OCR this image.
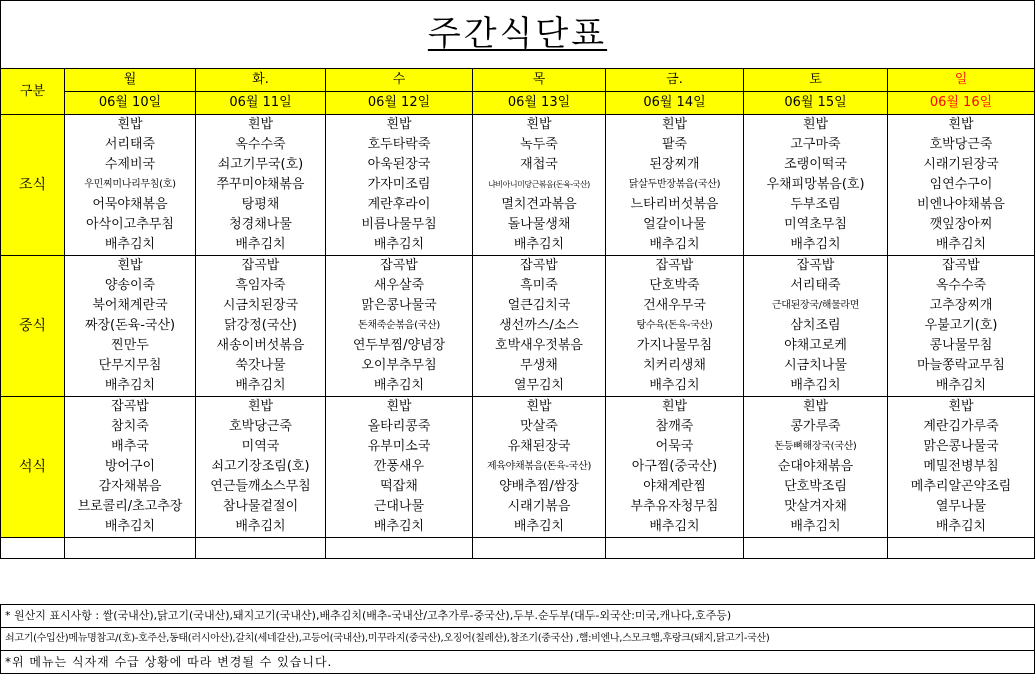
주간식단표
구분	월	화.	수	목	금.	토	일
	06월 10일	06월 11일	06월 12일	06월 13일	06월 14일	06월 15일	06월 16일
조식	흰밥	흰밥	흰밥	흰밥	흰밥	흰밥	흰밥
	서리태죽	옥수수죽	호두타락죽	녹두죽	팥죽	고구마죽	호박당근죽
	수제비국	쇠고기무국(호)	아욱된장국	재첩국	된장찌개	조랭이떡국	시래기된장국
	우민찌미나리무침(호)	쭈꾸미야채볶음	가자미조림	냐비아니미당근볶음(돈육-국산)	닭살두반장볶음(국산)	우채피망볶음(호)	임연수구이
	어묵야채볶음	탕평채	계란후라이	멸치견과볶음	느타리버섯볶음	두부조림	비엔나야채볶음
	아삭이고추무침	청경채나물	비름나물무침	돌나물생채	얼갈이나물	미역초무침	깻잎장아찌
	배추김치	배추김치	배추김치	배추김치	배추김치	배추김치	배추김치
중식	흰밥	잡곡밥	잡곡밥	잡곡밥	잡곡밥	잡곡밥	잡곡밥
	양송이죽	흑임자죽	새우살죽	흑미죽	단호박죽	서리태죽	옥수수죽
	북어채계란국	시금치된장국	맑은콩나물국	얼큰김치국	건새우무국	근대된장국/해물라면	고추장찌개
	짜장(돈육-국산)	닭강정(국산)	돈채죽순볶음(국산)	생선까스/소스	탕수육(돈육-국산)	삼치조림	우불고기(호)
	찐만두	새송이버섯볶음	연두부찜/양념장	호박새우젓볶음	가지나물무침	야채고로케	콩나물무침
	단무지무침	쑥갓나물	오이부추무침	무생채	치커리생채	시금치나물	마늘쫑락교무침
	배추김치	배추김치	배추김치	열무김치	배추김치	배추김치	배추김치
석식	잡곡밥	흰밥	흰밥	흰밥	흰밥	흰밥	흰밥
	참치죽	호박당근죽	올타리콩죽	맛살죽	참깨죽	콩가루죽	계란김가루죽
	배추국	미역국	유부미소국	유채된장국	어묵국	돈등뼈해장국(국산)	맑은콩나물국
	방어구이	쇠고기장조림(호)	깐풍새우	제육야채볶음(돈육-국산)	아구찜(중국산)	순대야채볶음	메밀전병부침
	감자채볶음	연근들깨소스무침	떡잡채	양배추찜/쌈장	야채계란찜	단호박조림	메추리알곤약조림
	브로콜리/초고추장	참나물겉절이	근대나물	시래기볶음	부추유자청무침	맛살겨자채	열무나물
	배추김치	배추김치	배추김치	배추김치	배추김치	배추김치	배추김치

* 원산지 표시사항 : 쌀(국내산),닭고기(국내산),돼지고기(국내산),배추김치(배추-국내산/고추가루-중국산),두부.순두부(대두-외국산:미국,캐나다,호주등)
쇠고기(수입산)메뉴명참고/(호)-호주산,동태(러시아산),갈치(세네갈산),고등어(국내산),미꾸라지(중국산),오징어(칠레산),참조기(중국산) ,햄:비엔나,스모크햄,후랑크(돼지,닭고기-국산)
*위 메뉴는 식자재 수급 상황에 따라 변경될 수 있습니다.
